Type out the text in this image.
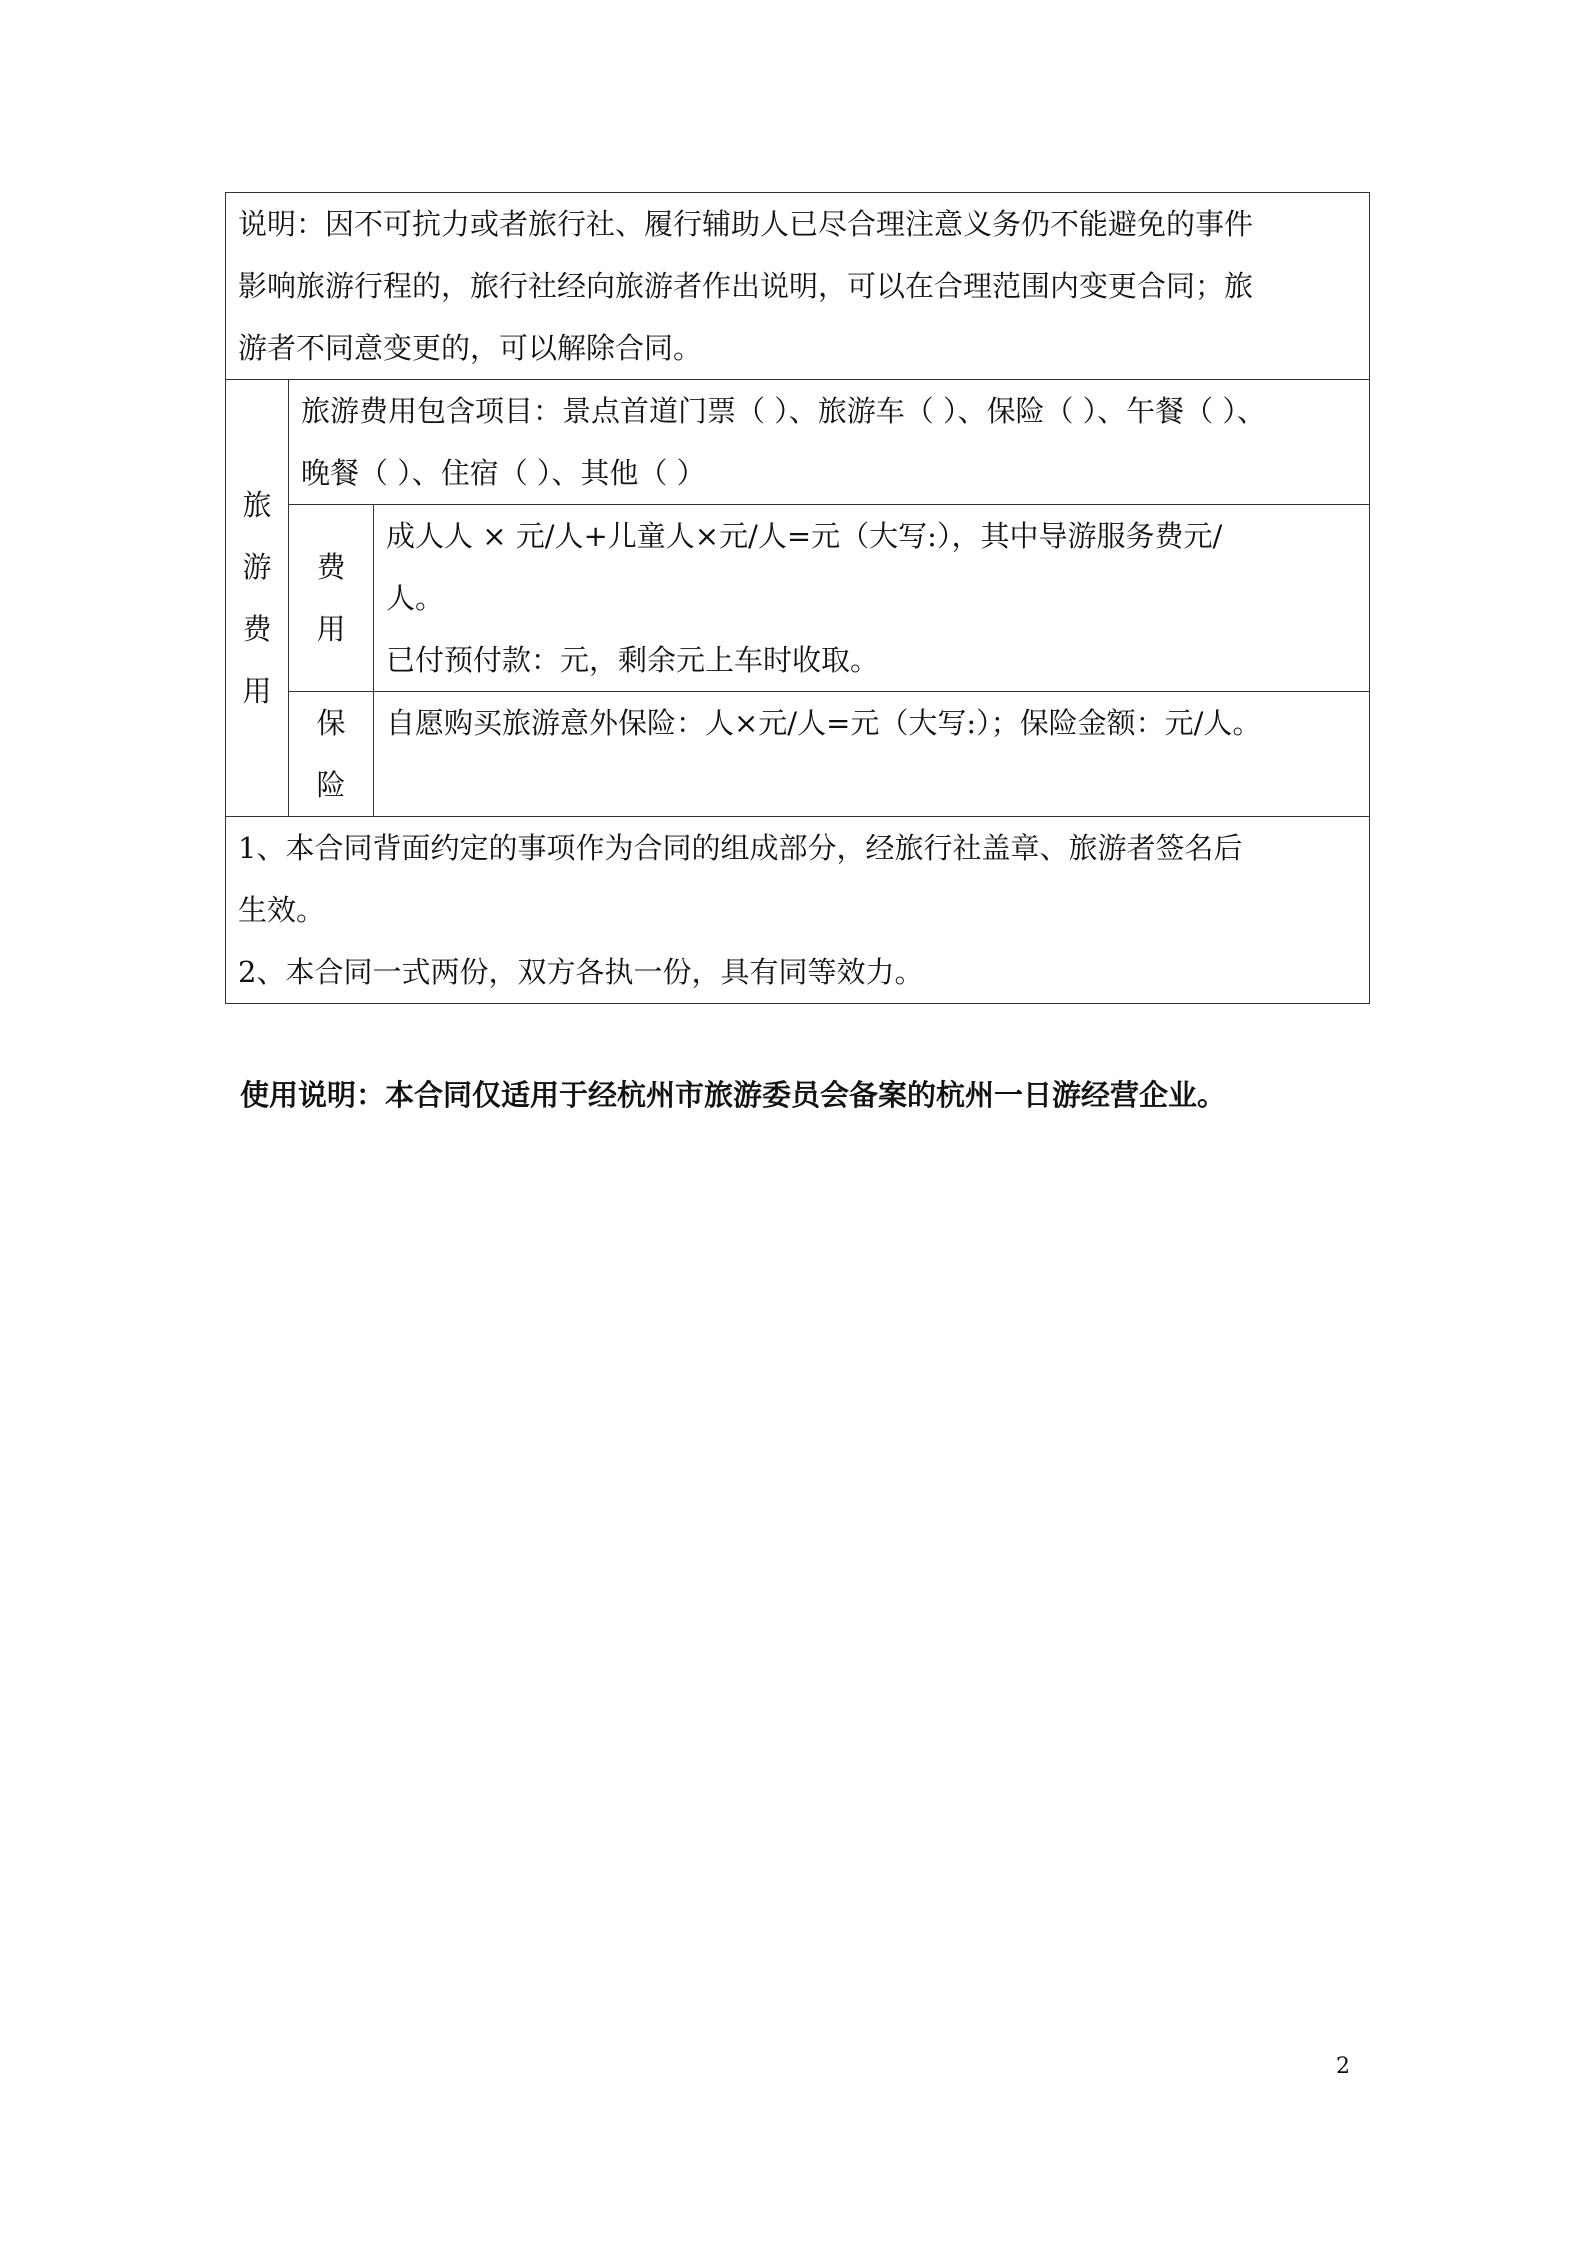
说明：因不可抗力或者旅行社、履行辅助人已尽合理注意义务仍不能避免的事件
影响旅游行程的，旅行社经向旅游者作出说明，可以在合理范围内变更合同；旅
游者不同意变更的，可以解除合同。		

旅游费用	旅游费用包含项目：景点首道门票（ ）、旅游车（ ）、保险（ ）、午餐（ ）、
晚餐（ ）、住宿（ ）、其他（ ）	

	费用	成人人 × 元/人+儿童人×元/人=元（大写:），其中导游服务费元/
人。
已付预付款：元，剩余元上车时收取。

	保险	自愿购买旅游意外保险：人×元/人=元（大写:）；保险金额：元/人。

1、本合同背面约定的事项作为合同的组成部分，经旅行社盖章、旅游者签名后
生效。
2、本合同一式两份，双方各执一份，具有同等效力。		
使用说明：本合同仅适用于经杭州市旅游委员会备案的杭州一日游经营企业。
2
